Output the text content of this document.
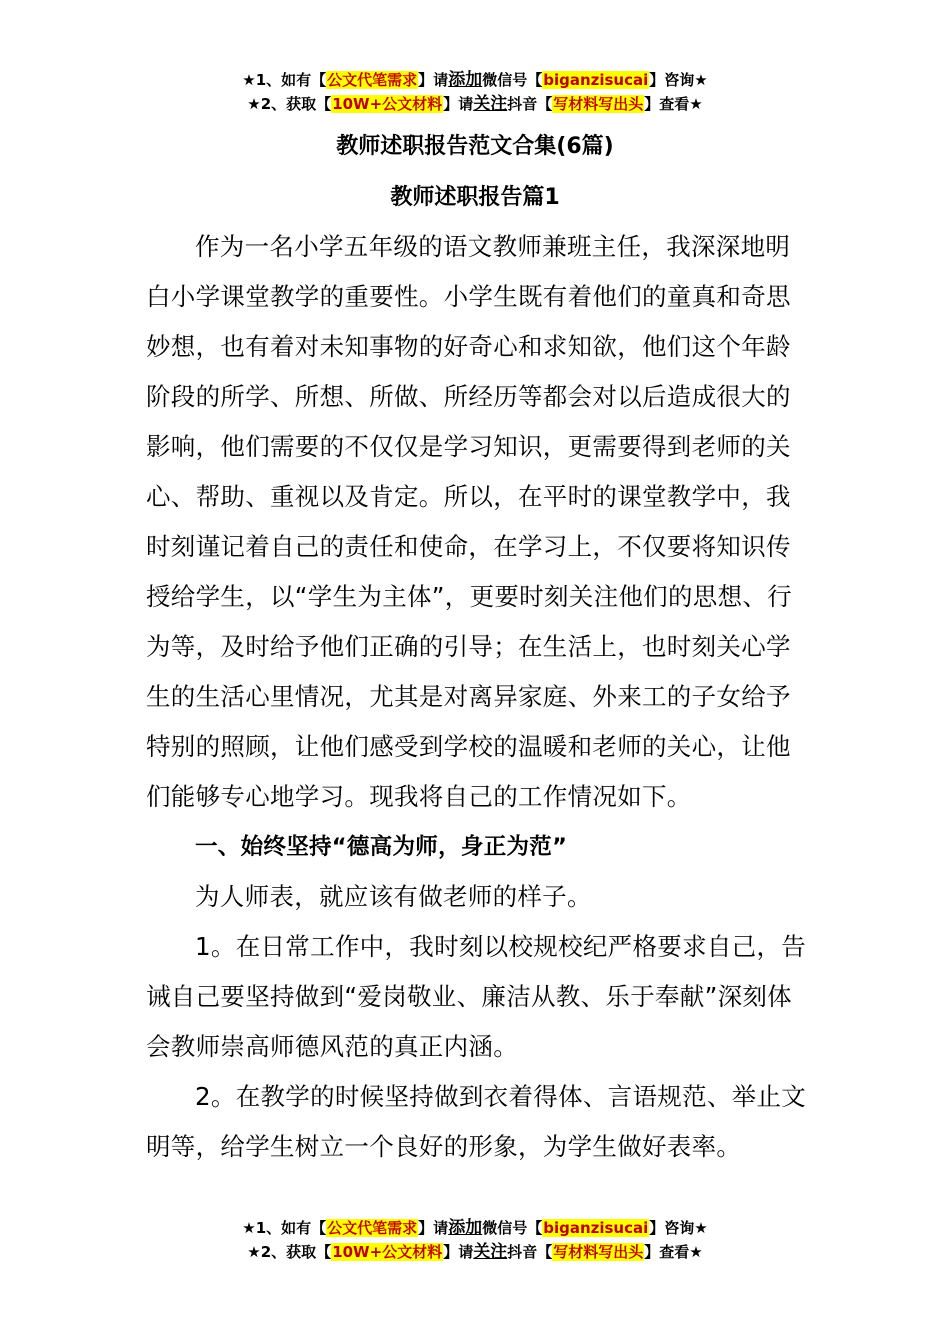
★1、如有【公文代笔需求】请添加微信号【biganzisucai】咨询★
★2、获取【10W+公文材料】请关注抖音【写材料写出头】查看★
教师述职报告范文合集(6篇)
教师述职报告篇1

作为一名小学五年级的语文教师兼班主任，我深深地明白小学课堂教学的重要性。小学生既有着他们的童真和奇思妙想，也有着对未知事物的好奇心和求知欲，他们这个年龄阶段的所学、所想、所做、所经历等都会对以后造成很大的影响，他们需要的不仅仅是学习知识，更需要得到老师的关心、帮助、重视以及肯定。所以，在平时的课堂教学中，我时刻谨记着自己的责任和使命，在学习上，不仅要将知识传授给学生，以“学生为主体”，更要时刻关注他们的思想、行为等，及时给予他们正确的引导；在生活上，也时刻关心学生的生活心里情况，尤其是对离异家庭、外来工的子女给予特别的照顾，让他们感受到学校的温暖和老师的关心，让他们能够专心地学习。现我将自己的工作情况如下。

一、始终坚持“德高为师，身正为范”

为人师表，就应该有做老师的样子。

1。在日常工作中，我时刻以校规校纪严格要求自己，告诫自己要坚持做到“爱岗敬业、廉洁从教、乐于奉献”深刻体会教师崇高师德风范的真正内涵。

2。在教学的时候坚持做到衣着得体、言语规范、举止文明等，给学生树立一个良好的形象，为学生做好表率。

★1、如有【公文代笔需求】请添加微信号【biganzisucai】咨询★
★2、获取【10W+公文材料】请关注抖音【写材料写出头】查看★
